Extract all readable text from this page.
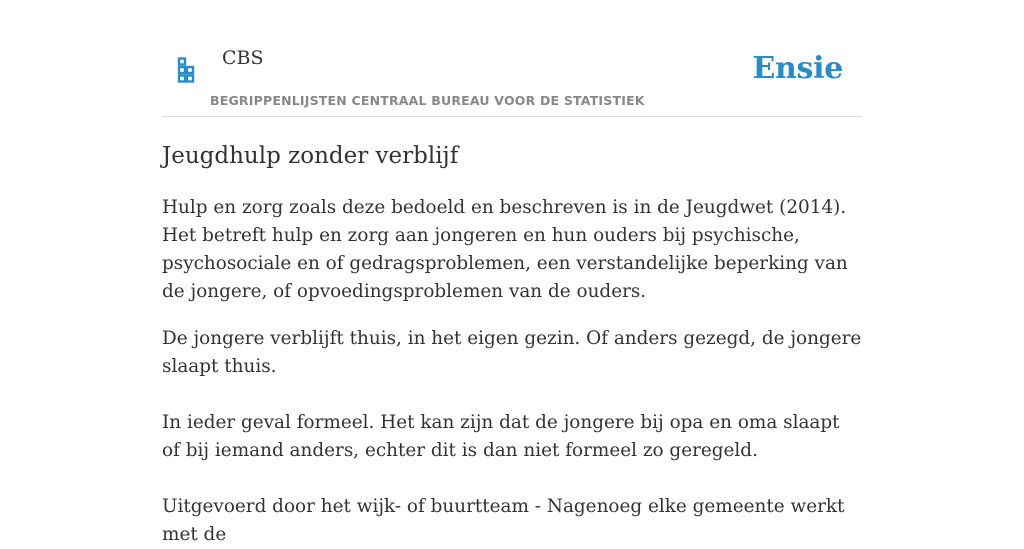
CBS
BEGRIPPENLIJSTEN CENTRAAL BUREAU VOOR DE STATISTIEK
Ensie
Jeugdhulp zonder verblijf

Hulp en zorg zoals deze bedoeld en beschreven is in de Jeugdwet (2014). Het betreft hulp en zorg aan jongeren en hun ouders bij psychische, psychosociale en of gedragsproblemen, een verstandelijke beperking van de jongere, of opvoedingsproblemen van de ouders.

De jongere verblijft thuis, in het eigen gezin. Of anders gezegd, de jongere slaapt thuis.

In ieder geval formeel. Het kan zijn dat de jongere bij opa en oma slaapt of bij iemand anders, echter dit is dan niet formeel zo geregeld.

Uitgevoerd door het wijk- of buurtteam - Nagenoeg elke gemeente werkt met de
